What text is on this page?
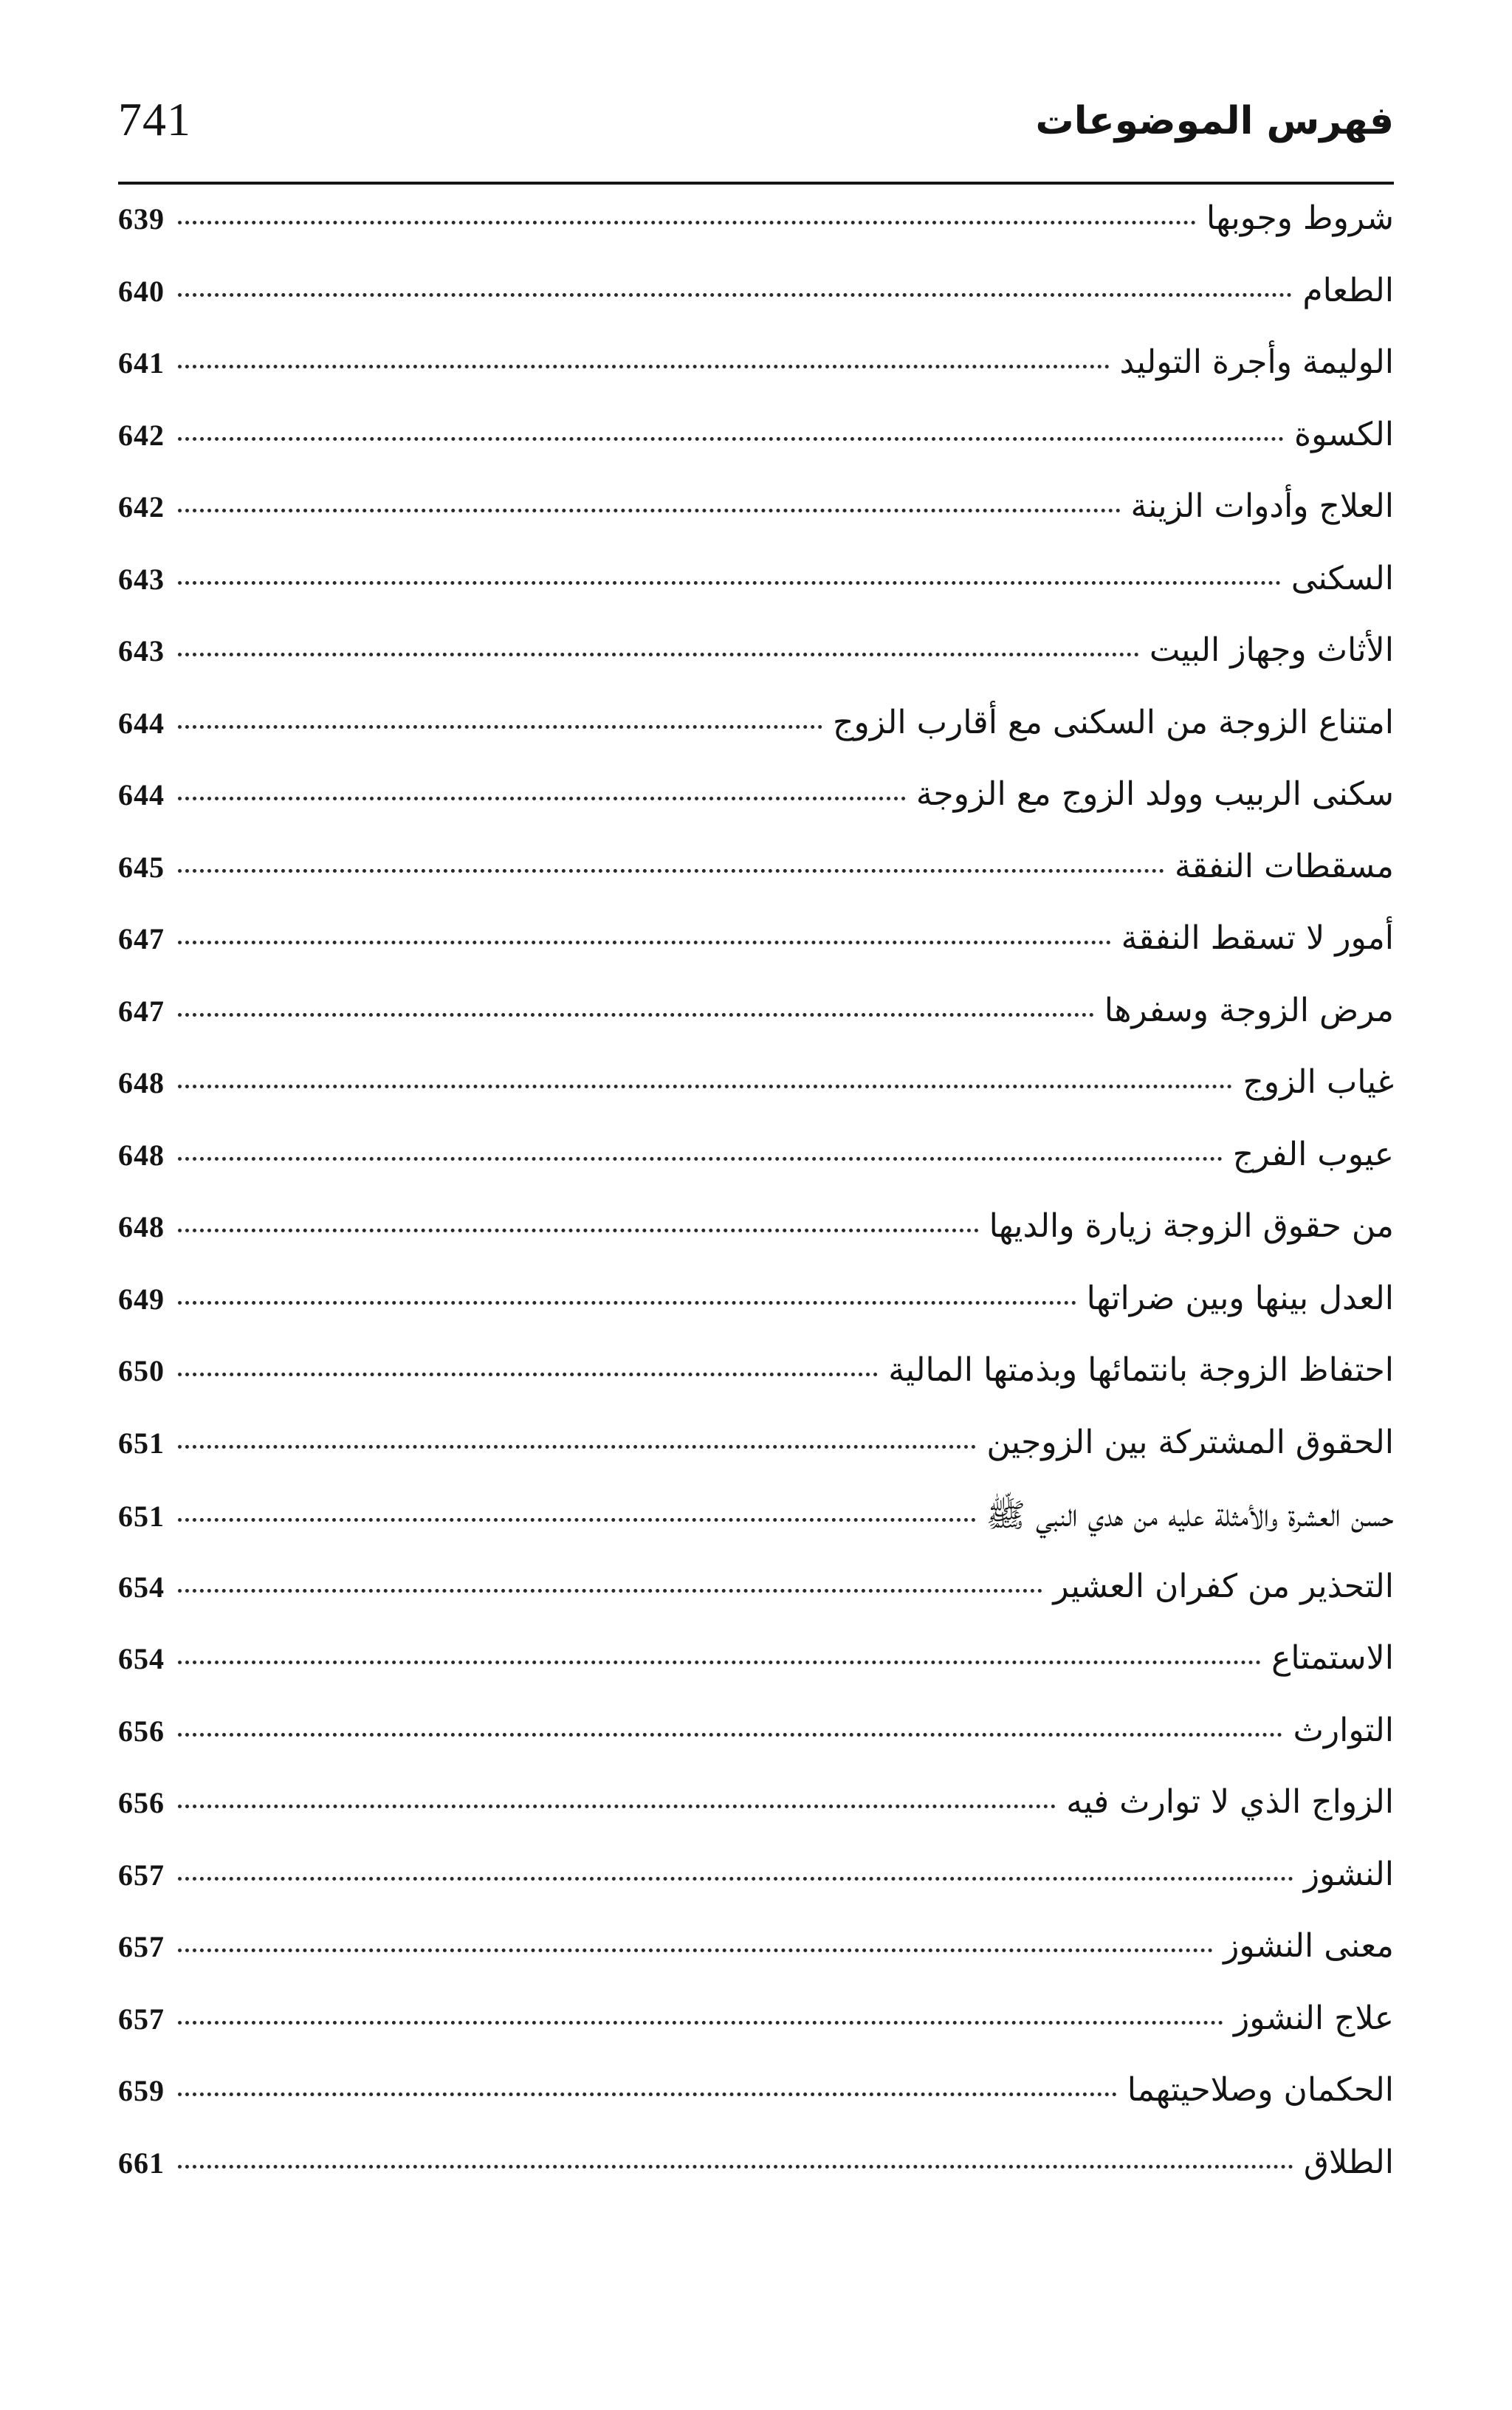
741	فهرس الموضوعات
شروط وجوبها
639
الطعام
640
الوليمة وأجرة التوليد
641
الكسوة
642
العلاج وأدوات الزينة
642
السكنى
643
الأثاث وجهاز البيت
643
امتناع الزوجة من السكنى مع أقارب الزوج
644
سكنى الربيب وولد الزوج مع الزوجة
644
مسقطات النفقة
645
أمور لا تسقط النفقة
647
مرض الزوجة وسفرها
647
غياب الزوج
648
عيوب الفرج
648
من حقوق الزوجة زيارة والديها
648
العدل بينها وبين ضراتها
649
احتفاظ الزوجة بانتمائها وبذمتها المالية
650
الحقوق المشتركة بين الزوجين
651
حسن العشرة والأمثلة عليه من هدي النبي ﷺ
651
التحذير من كفران العشير
654
الاستمتاع
654
التوارث
656
الزواج الذي لا توارث فيه
656
النشوز
657
معنى النشوز
657
علاج النشوز
657
الحكمان وصلاحيتهما
659
الطلاق
661
